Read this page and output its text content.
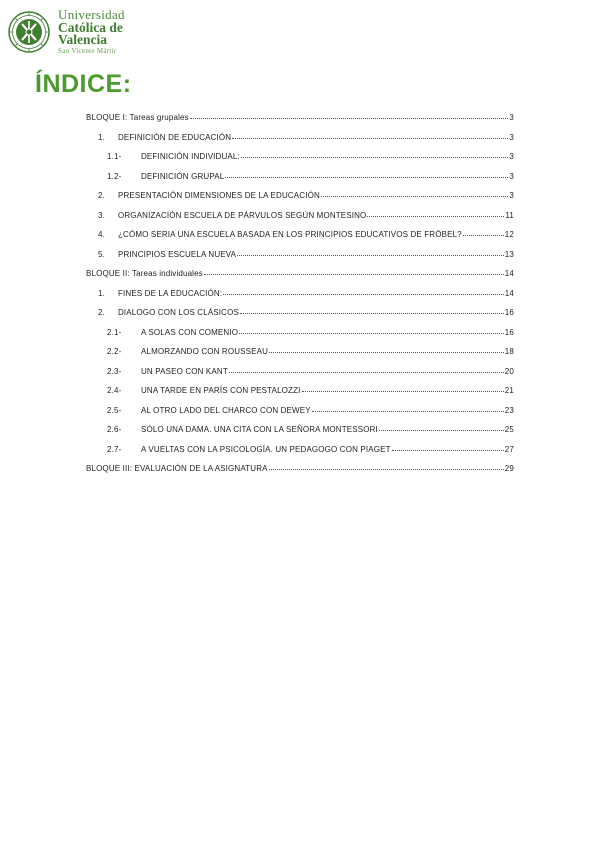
Universidad
Católica de
Valencia
San Vicente Mártir
ÍNDICE:
BLOQUE I: Tareas grupales	3
1.	DEFINICIÓN DE EDUCACIÓN	3
1.1-	DEFINICIÓN INDIVIDUAL:	3
1.2-	DEFINICIÓN GRUPAL	3
2.	PRESENTACIÓN DIMENSIONES DE LA EDUCACIÓN	3
3.	ORGANIZACIÓN ESCUELA DE PÁRVULOS SEGÚN MONTESINO	11
4.	¿CÓMO SERIA UNA ESCUELA BASADA EN LOS PRINCIPIOS EDUCATIVOS DE FRÖBEL?	12
5.	PRINCIPIOS ESCUELA NUEVA	13
BLOQUE II: Tareas individuales	14
1.	FINES DE LA EDUCACIÓN:	14
2.	DIALOGO CON LOS CLÁSICOS	16
2.1-	A SOLAS CON COMENIO	16
2.2-	ALMORZANDO CON ROUSSEAU	18
2.3-	UN PASEO CON KANT	20
2.4-	UNA TARDE EN PARÍS CON PESTALOZZI	21
2.5-	AL OTRO LADO DEL CHARCO CON DEWEY	23
2.6-	SÓLO UNA DAMA. UNA CITA CON LA SEÑORA MONTESSORI	25
2.7-	A VUELTAS CON LA PSICOLOGÍA. UN PEDAGOGO CON PIAGET	27
BLOQUE III: EVALUACIÓN DE LA ASIGNATURA	29
